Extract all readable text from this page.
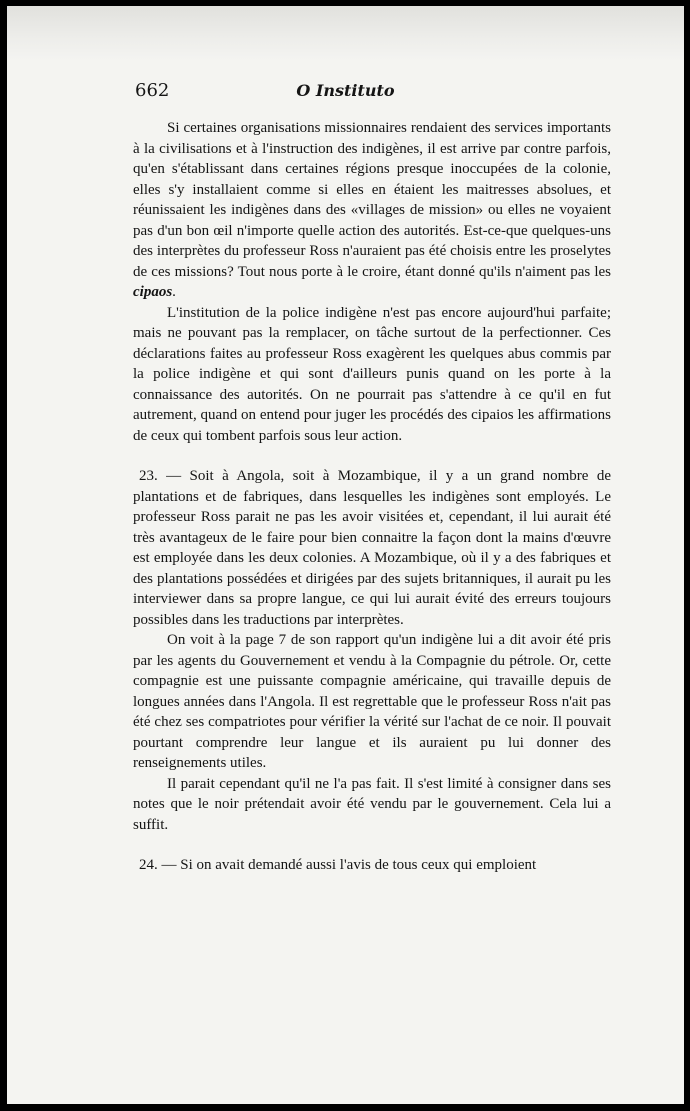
662	O Instituto

Si certaines organisations missionnaires rendaient des services importants à la civilisations et à l'instruction des indigènes, il est arrive par contre parfois, qu'en s'établissant dans certaines régions presque inoccupées de la colonie, elles s'y installaient comme si elles en étaient les maitresses absolues, et réunissaient les indigènes dans des «villages de mission» ou elles ne voyaient pas d'un bon œil n'importe quelle action des autorités. Est-ce-que quelques-uns des interprètes du professeur Ross n'auraient pas été choisis entre les proselytes de ces missions? Tout nous porte à le croire, étant donné qu'ils n'aiment pas les cipaos.

L'institution de la police indigène n'est pas encore aujourd'hui parfaite; mais ne pouvant pas la remplacer, on tâche surtout de la perfectionner. Ces déclarations faites au professeur Ross exagèrent les quelques abus commis par la police indigène et qui sont d'ailleurs punis quand on les porte à la connaissance des autorités. On ne pourrait pas s'attendre à ce qu'il en fut autrement, quand on entend pour juger les procédés des cipaios les affirmations de ceux qui tombent parfois sous leur action.

23. — Soit à Angola, soit à Mozambique, il y a un grand nombre de plantations et de fabriques, dans lesquelles les indigènes sont employés. Le professeur Ross parait ne pas les avoir visitées et, cependant, il lui aurait été très avantageux de le faire pour bien connaitre la façon dont la mains d'œuvre est employée dans les deux colonies. A Mozambique, où il y a des fabriques et des plantations possédées et dirigées par des sujets britanniques, il aurait pu les interviewer dans sa propre langue, ce qui lui aurait évité des erreurs toujours possibles dans les traductions par interprètes.

On voit à la page 7 de son rapport qu'un indigène lui a dit avoir été pris par les agents du Gouvernement et vendu à la Compagnie du pétrole. Or, cette compagnie est une puissante compagnie américaine, qui travaille depuis de longues années dans l'Angola. Il est regrettable que le professeur Ross n'ait pas été chez ses compatriotes pour vérifier la vérité sur l'achat de ce noir. Il pouvait pourtant comprendre leur langue et ils auraient pu lui donner des renseignements utiles.

Il parait cependant qu'il ne l'a pas fait. Il s'est limité à consigner dans ses notes que le noir prétendait avoir été vendu par le gouvernement. Cela lui a suffit.

24. — Si on avait demandé aussi l'avis de tous ceux qui emploient
